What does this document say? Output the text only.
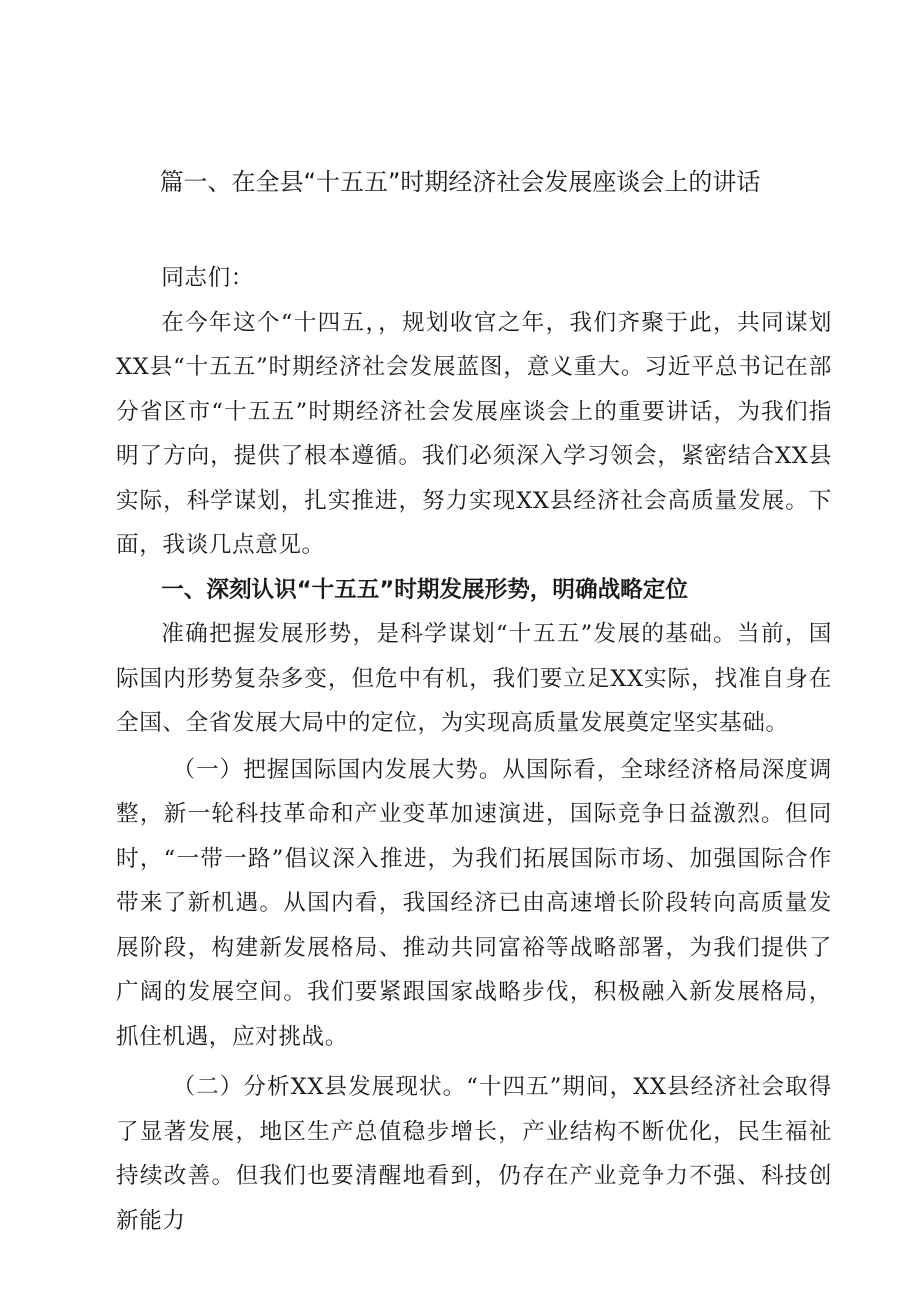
篇一、在全县“十五五”时期经济社会发展座谈会上的讲话

同志们：

在今年这个“十四五，，规划收官之年，我们齐聚于此，共同谋划XX县“十五五”时期经济社会发展蓝图，意义重大。习近平总书记在部分省区市“十五五”时期经济社会发展座谈会上的重要讲话，为我们指明了方向，提供了根本遵循。我们必须深入学习领会，紧密结合XX县实际，科学谋划，扎实推进，努力实现XX县经济社会高质量发展。下面，我谈几点意见。

一、深刻认识“十五五”时期发展形势，明确战略定位

准确把握发展形势，是科学谋划“十五五”发展的基础。当前，国际国内形势复杂多变，但危中有机，我们要立足XX实际，找准自身在全国、全省发展大局中的定位，为实现高质量发展奠定坚实基础。

（一）把握国际国内发展大势。从国际看，全球经济格局深度调整，新一轮科技革命和产业变革加速演进，国际竞争日益激烈。但同时，“一带一路”倡议深入推进，为我们拓展国际市场、加强国际合作带来了新机遇。从国内看，我国经济已由高速增长阶段转向高质量发展阶段，构建新发展格局、推动共同富裕等战略部署，为我们提供了广阔的发展空间。我们要紧跟国家战略步伐，积极融入新发展格局，抓住机遇，应对挑战。

（二）分析XX县发展现状。“十四五”期间，XX县经济社会取得了显著发展，地区生产总值稳步增长，产业结构不断优化，民生福祉持续改善。但我们也要清醒地看到，仍存在产业竞争力不强、科技创新能力
